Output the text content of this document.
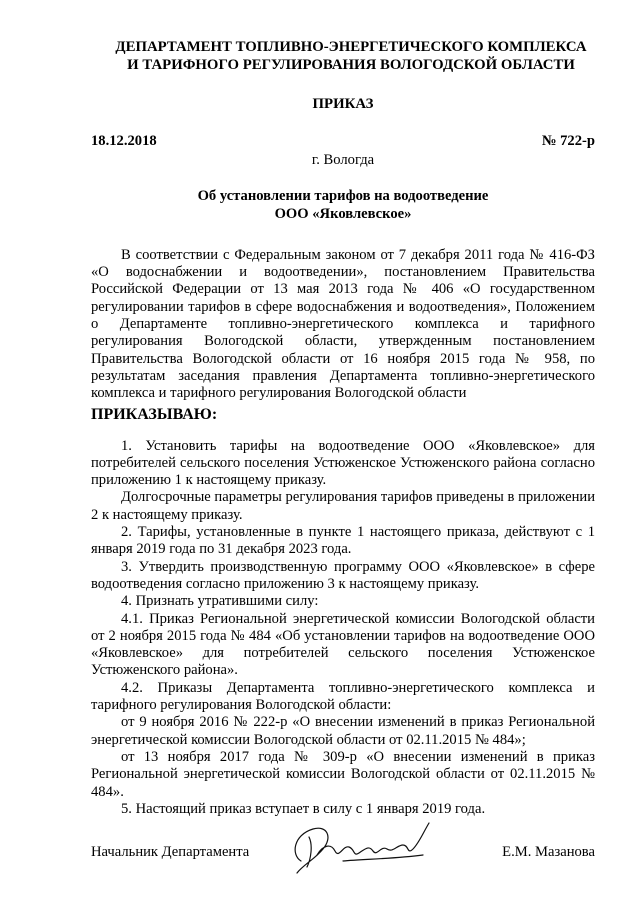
ДЕПАРТАМЕНТ ТОПЛИВНО-ЭНЕРГЕТИЧЕСКОГО КОМПЛЕКСА
И ТАРИФНОГО РЕГУЛИРОВАНИЯ ВОЛОГОДСКОЙ ОБЛАСТИ
ПРИКАЗ
18.12.2018	№ 722-р
г. Вологда
Об установлении тарифов на водоотведение
ООО «Яковлевское»

В соответствии с Федеральным законом от 7 декабря 2011 года № 416-ФЗ «О водоснабжении и водоотведении», постановлением Правительства Российской Федерации от 13 мая 2013 года № 406 «О государственном регулировании тарифов в сфере водоснабжения и водоотведения», Положением о Департаменте топливно-энергетического комплекса и тарифного регулирования Вологодской области, утвержденным постановлением Правительства Вологодской области от 16 ноября 2015 года № 958, по результатам заседания правления Департамента топливно-энергетического комплекса и тарифного регулирования Вологодской области

ПРИКАЗЫВАЮ:

1. Установить тарифы на водоотведение ООО «Яковлевское» для потребителей сельского поселения Устюженское Устюженского района согласно приложению 1 к настоящему приказу.

Долгосрочные параметры регулирования тарифов приведены в приложении 2 к настоящему приказу.

2. Тарифы, установленные в пункте 1 настоящего приказа, действуют с 1 января 2019 года по 31 декабря 2023 года.

3. Утвердить производственную программу ООО «Яковлевское» в сфере водоотведения согласно приложению 3 к настоящему приказу.

4. Признать утратившими силу:

4.1. Приказ Региональной энергетической комиссии Вологодской области от 2 ноября 2015 года № 484 «Об установлении тарифов на водоотведение ООО «Яковлевское» для потребителей сельского поселения Устюженское Устюженского района».

4.2. Приказы Департамента топливно-энергетического комплекса и тарифного регулирования Вологодской области:

от 9 ноября 2016 № 222-р «О внесении изменений в приказ Региональной энергетической комиссии Вологодской области от 02.11.2015 № 484»;

от 13 ноября 2017 года № 309-р «О внесении изменений в приказ Региональной энергетической комиссии Вологодской области от 02.11.2015 № 484».

5. Настоящий приказ вступает в силу с 1 января 2019 года.

Начальник Департамента	Е.М. Мазанова
